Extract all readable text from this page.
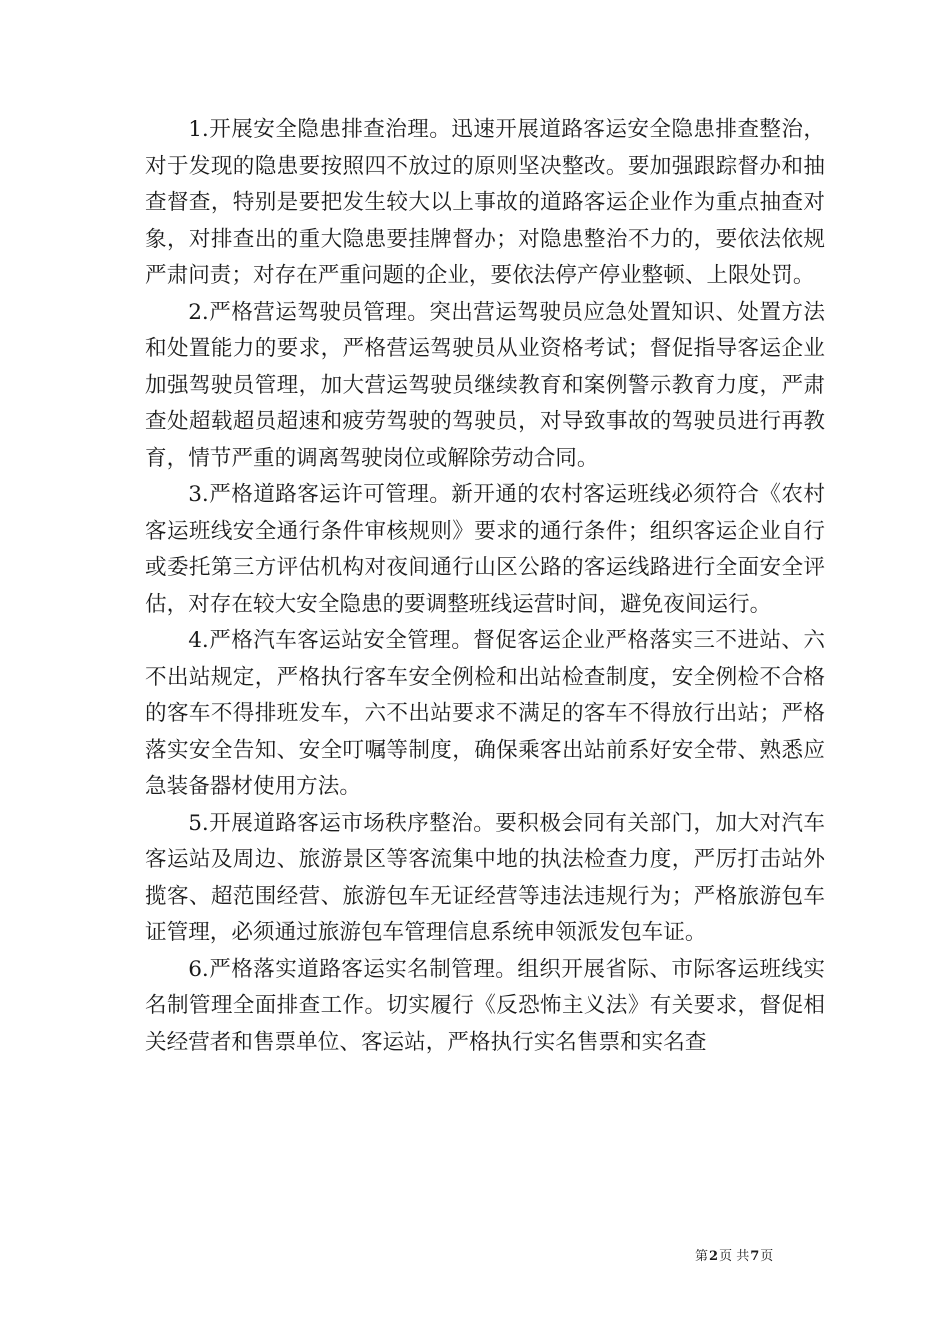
1.开展安全隐患排查治理。迅速开展道路客运安全隐患排查整治，对于发现的隐患要按照四不放过的原则坚决整改。要加强跟踪督办和抽查督查，特别是要把发生较大以上事故的道路客运企业作为重点抽查对象，对排查出的重大隐患要挂牌督办；对隐患整治不力的，要依法依规严肃问责；对存在严重问题的企业，要依法停产停业整顿、上限处罚。

2.严格营运驾驶员管理。突出营运驾驶员应急处置知识、处置方法和处置能力的要求，严格营运驾驶员从业资格考试；督促指导客运企业加强驾驶员管理，加大营运驾驶员继续教育和案例警示教育力度，严肃查处超载超员超速和疲劳驾驶的驾驶员，对导致事故的驾驶员进行再教育，情节严重的调离驾驶岗位或解除劳动合同。

3.严格道路客运许可管理。新开通的农村客运班线必须符合《农村客运班线安全通行条件审核规则》要求的通行条件；组织客运企业自行或委托第三方评估机构对夜间通行山区公路的客运线路进行全面安全评估，对存在较大安全隐患的要调整班线运营时间，避免夜间运行。

4.严格汽车客运站安全管理。督促客运企业严格落实三不进站、六不出站规定，严格执行客车安全例检和出站检查制度，安全例检不合格的客车不得排班发车，六不出站要求不满足的客车不得放行出站；严格落实安全告知、安全叮嘱等制度，确保乘客出站前系好安全带、熟悉应急装备器材使用方法。

5.开展道路客运市场秩序整治。要积极会同有关部门，加大对汽车客运站及周边、旅游景区等客流集中地的执法检查力度，严厉打击站外揽客、超范围经营、旅游包车无证经营等违法违规行为；严格旅游包车证管理，必须通过旅游包车管理信息系统申领派发包车证。

6.严格落实道路客运实名制管理。组织开展省际、市际客运班线实名制管理全面排查工作。切实履行《反恐怖主义法》有关要求，督促相关经营者和售票单位、客运站，严格执行实名售票和实名查

第2页 共7页
